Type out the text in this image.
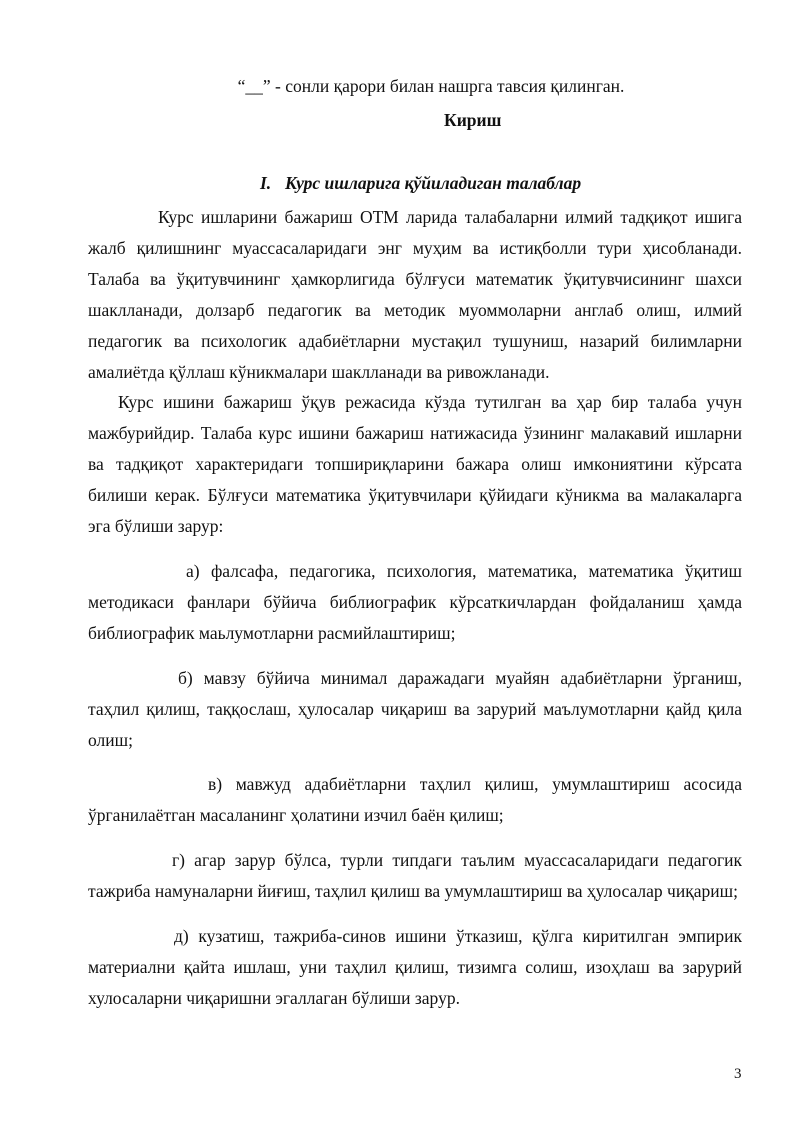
“__” - сонли қарори билан нашрга тавсия қилинган.
Кириш
I. Курс ишларига қўйиладиган талаблар

Курс ишларини бажариш ОТМ ларида талабаларни илмий тадқиқот ишига жалб қилишнинг муассасаларидаги энг муҳим ва истиқболли тури ҳисобланади. Талаба ва ўқитувчининг ҳамкорлигида бўлғуси математик ўқитувчисининг шахси шаклланади, долзарб педагогик ва методик муоммоларни англаб олиш, илмий педагогик ва психологик адабиётларни мустақил тушуниш, назарий билимларни амалиётда қўллаш кўникмалари шаклланади ва ривожланади.

Курс ишини бажариш ўқув режасида кўзда тутилган ва ҳар бир талаба учун мажбурийдир. Талаба курс ишини бажариш натижасида ўзининг малакавий ишларни ва тадқиқот характеридаги топшириқларини бажара олиш имкониятини кўрсата билиши керак. Бўлғуси математика ўқитувчилари қўйидаги кўникма ва малакаларга эга бўлиши зарур:

а) фалсафа, педагогика, психология, математика, математика ўқитиш методикаси фанлари бўйича библиографик кўрсаткичлардан фойдаланиш ҳамда библиографик маьлумотларни расмийлаштириш;

б) мавзу бўйича минимал даражадаги муайян адабиётларни ўрганиш, таҳлил қилиш, таққослаш, ҳулосалар чиқариш ва зарурий маълумотларни қайд қила олиш;

в) мавжуд адабиётларни таҳлил қилиш, умумлаштириш асосида ўрганилаётган масаланинг ҳолатини изчил баён қилиш;

г) агар зарур бўлса, турли типдаги таълим муассасаларидаги педагогик тажриба намуналарни йиғиш, таҳлил қилиш ва умумлаштириш ва ҳулосалар чиқариш;

д) кузатиш, тажриба-синов ишини ўтказиш, қўлга киритилган эмпирик материални қайта ишлаш, уни таҳлил қилиш, тизимга солиш, изоҳлаш ва зарурий хулосаларни чиқаришни эгаллаган бўлиши зарур.

3
